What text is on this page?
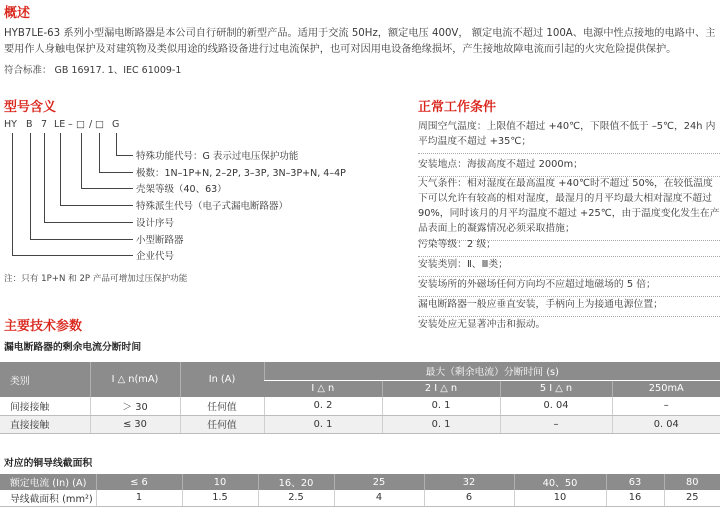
概述
HYB7LE-63 系列小型漏电断路器是本公司自行研制的新型产品。适用于交流 50Hz，额定电压 400V， 额定电流不超过 100A、电源中性点接地的电路中、主
要用作人身触电保护及对建筑物及类似用途的线路设备进行过电流保护，也可对因用电设备绝缘损坏，产生接地故障电流而引起的火灾危险提供保护。
符合标准： GB 16917. 1、IEC 61009-1
型号含义
HY B 7 LE – □ / □ G
特殊功能代号：G 表示过电压保护功能
极数：1N–1P+N, 2–2P, 3–3P, 3N–3P+N, 4–4P
壳架等级（40、63）
特殊派生代号（电子式漏电断路器）
设计序号
小型断路器
企业代号
注：只有 1P+N 和 2P 产品可增加过压保护功能
正常工作条件
周围空气温度：上限值不超过 +40℃，下限值不低于 –5℃，24h 内平均温度不超过 +35℃；
安装地点：海拔高度不超过 2000m；
大气条件：相对湿度在最高温度 +40℃时不超过 50%，在较低温度下可以允许有较高的相对湿度，最湿月的月平均最大相对湿度不超过 90%，同时该月的月平均温度不超过 +25℃，由于温度变化发生在产品表面上的凝露情况必须采取措施；
污染等级：2 级；
安装类别：Ⅱ、Ⅲ类；
安装场所的外磁场任何方向均不应超过地磁场的 5 倍；
漏电断路器一般应垂直安装，手柄向上为接通电源位置；
安装处应无显著冲击和振动。
主要技术参数
漏电断路器的剩余电流分断时间
类别	I △ n(mA)	In (A)	最大（剩余电流）分断时间 (s)			
			I △ n	2 I △ n	5 I △ n	250mA
间接接触	＞ 30	任何值	0. 2	0. 1	0. 04	–
直接接触	≤ 30	任何值	0. 1	0. 1	–	0. 04
对应的铜导线截面积
额定电流 (In) (A)	≤ 6	10	16、20	25	32	40、50	63	80
导线截面积 (mm²)	1	1.5	2.5	4	6	10	16	25
